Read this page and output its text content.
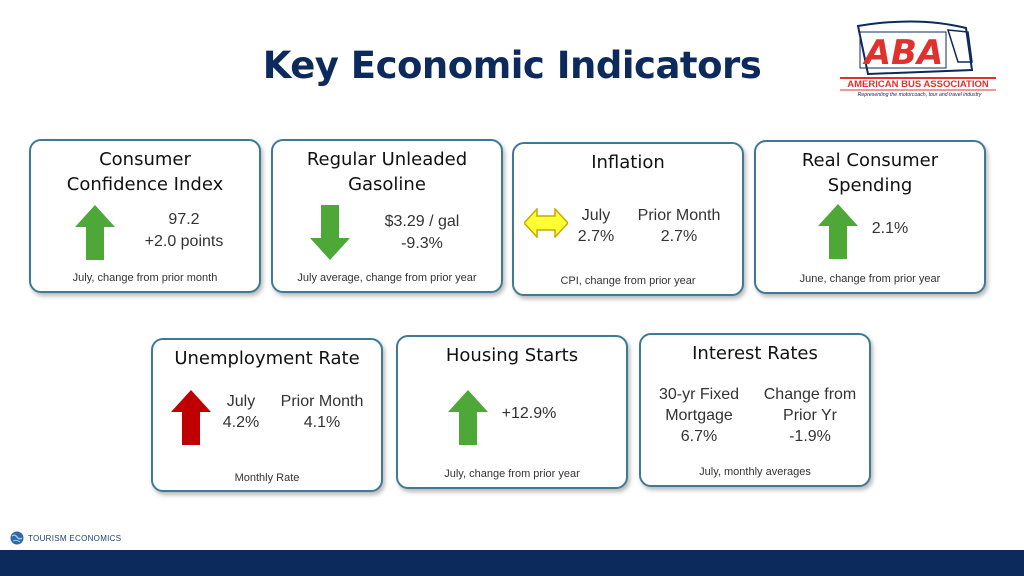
Key Economic Indicators	ABA
AMERICAN BUS ASSOCIATION
Representing the motorcoach, tour and travel industry
Consumer Confidence Index
97.2
+2.0 points
July, change from prior month
Regular Unleaded Gasoline
$3.29 / gal
-9.3%
July average, change from prior year
Inflation
July
2.7%
Prior Month
2.7%
CPI, change from prior year
Real Consumer Spending
2.1%
June, change from prior year
Unemployment Rate
July
4.2%
Prior Month
4.1%
Monthly Rate
Housing Starts
+12.9%
July, change from prior year
Interest Rates
30-yr Fixed Mortgage
6.7%
Change from Prior Yr
-1.9%
July, monthly averages
TOURISM ECONOMICS
